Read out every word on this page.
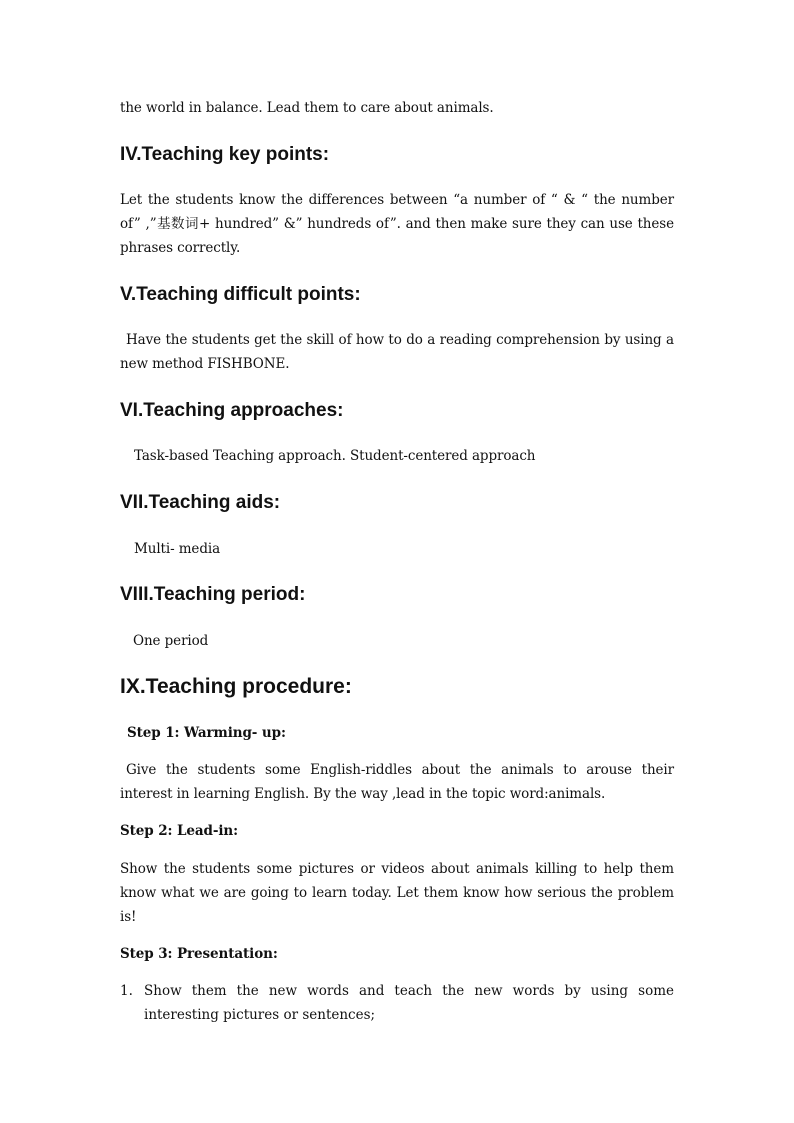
the world in balance. Lead them to care about animals.

IV.Teaching key points:

Let the students know the differences between “a number of “ & “ the number of” ,”基数词+ hundred” &” hundreds of”. and then make sure they can use these phrases correctly.

V.Teaching difficult points:

Have the students get the skill of how to do a reading comprehension by using a new method FISHBONE.

VI.Teaching approaches:

Task-based Teaching approach. Student-centered approach

VII.Teaching aids:

Multi- media

VIII.Teaching period:

One period

IX.Teaching procedure:

Step 1: Warming- up:

Give the students some English-riddles about the animals to arouse their interest in learning English. By the way ,lead in the topic word:animals.

Step 2: Lead-in:

Show the students some pictures or videos about animals killing to help them know what we are going to learn today. Let them know how serious the problem is!

Step 3: Presentation:

1. Show them the new words and teach the new words by using some interesting pictures or sentences;
